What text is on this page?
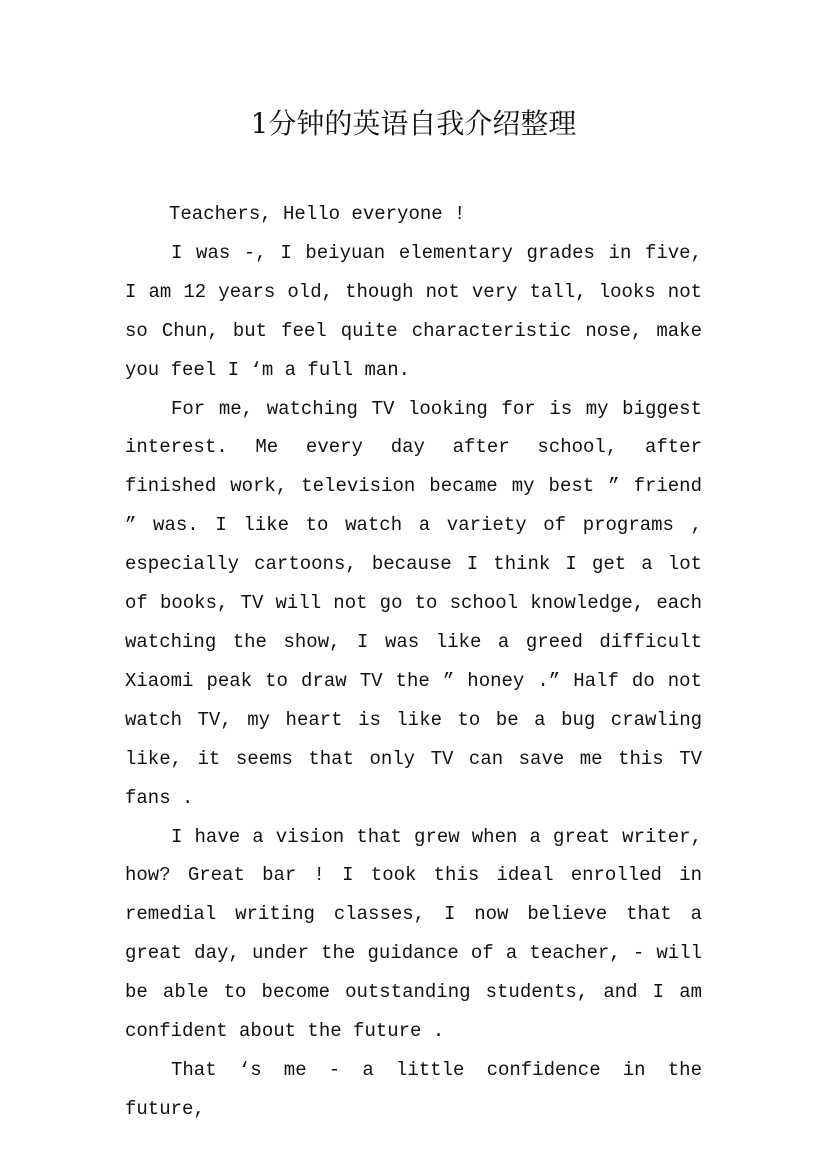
1分钟的英语自我介绍整理

Teachers, Hello everyone !

I was -, I beiyuan elementary grades in five, I am 12 years old, though not very tall, looks not so Chun, but feel quite characteristic nose, make you feel I ‘m a full man.

For me, watching TV looking for is my biggest interest. Me every day after school, after finished work, television became my best ” friend ” was. I like to watch a variety of programs , especially cartoons, because I think I get a lot of books, TV will not go to school knowledge, each watching the show, I was like a greed difficult Xiaomi peak to draw TV the ” honey .” Half do not watch TV, my heart is like to be a bug crawling like, it seems that only TV can save me this TV fans .

I have a vision that grew when a great writer, how? Great bar ! I took this ideal enrolled in remedial writing classes, I now believe that a great day, under the guidance of a teacher, - will be able to become outstanding students, and I am confident about the future .

That ‘s me - a little confidence in the future,
